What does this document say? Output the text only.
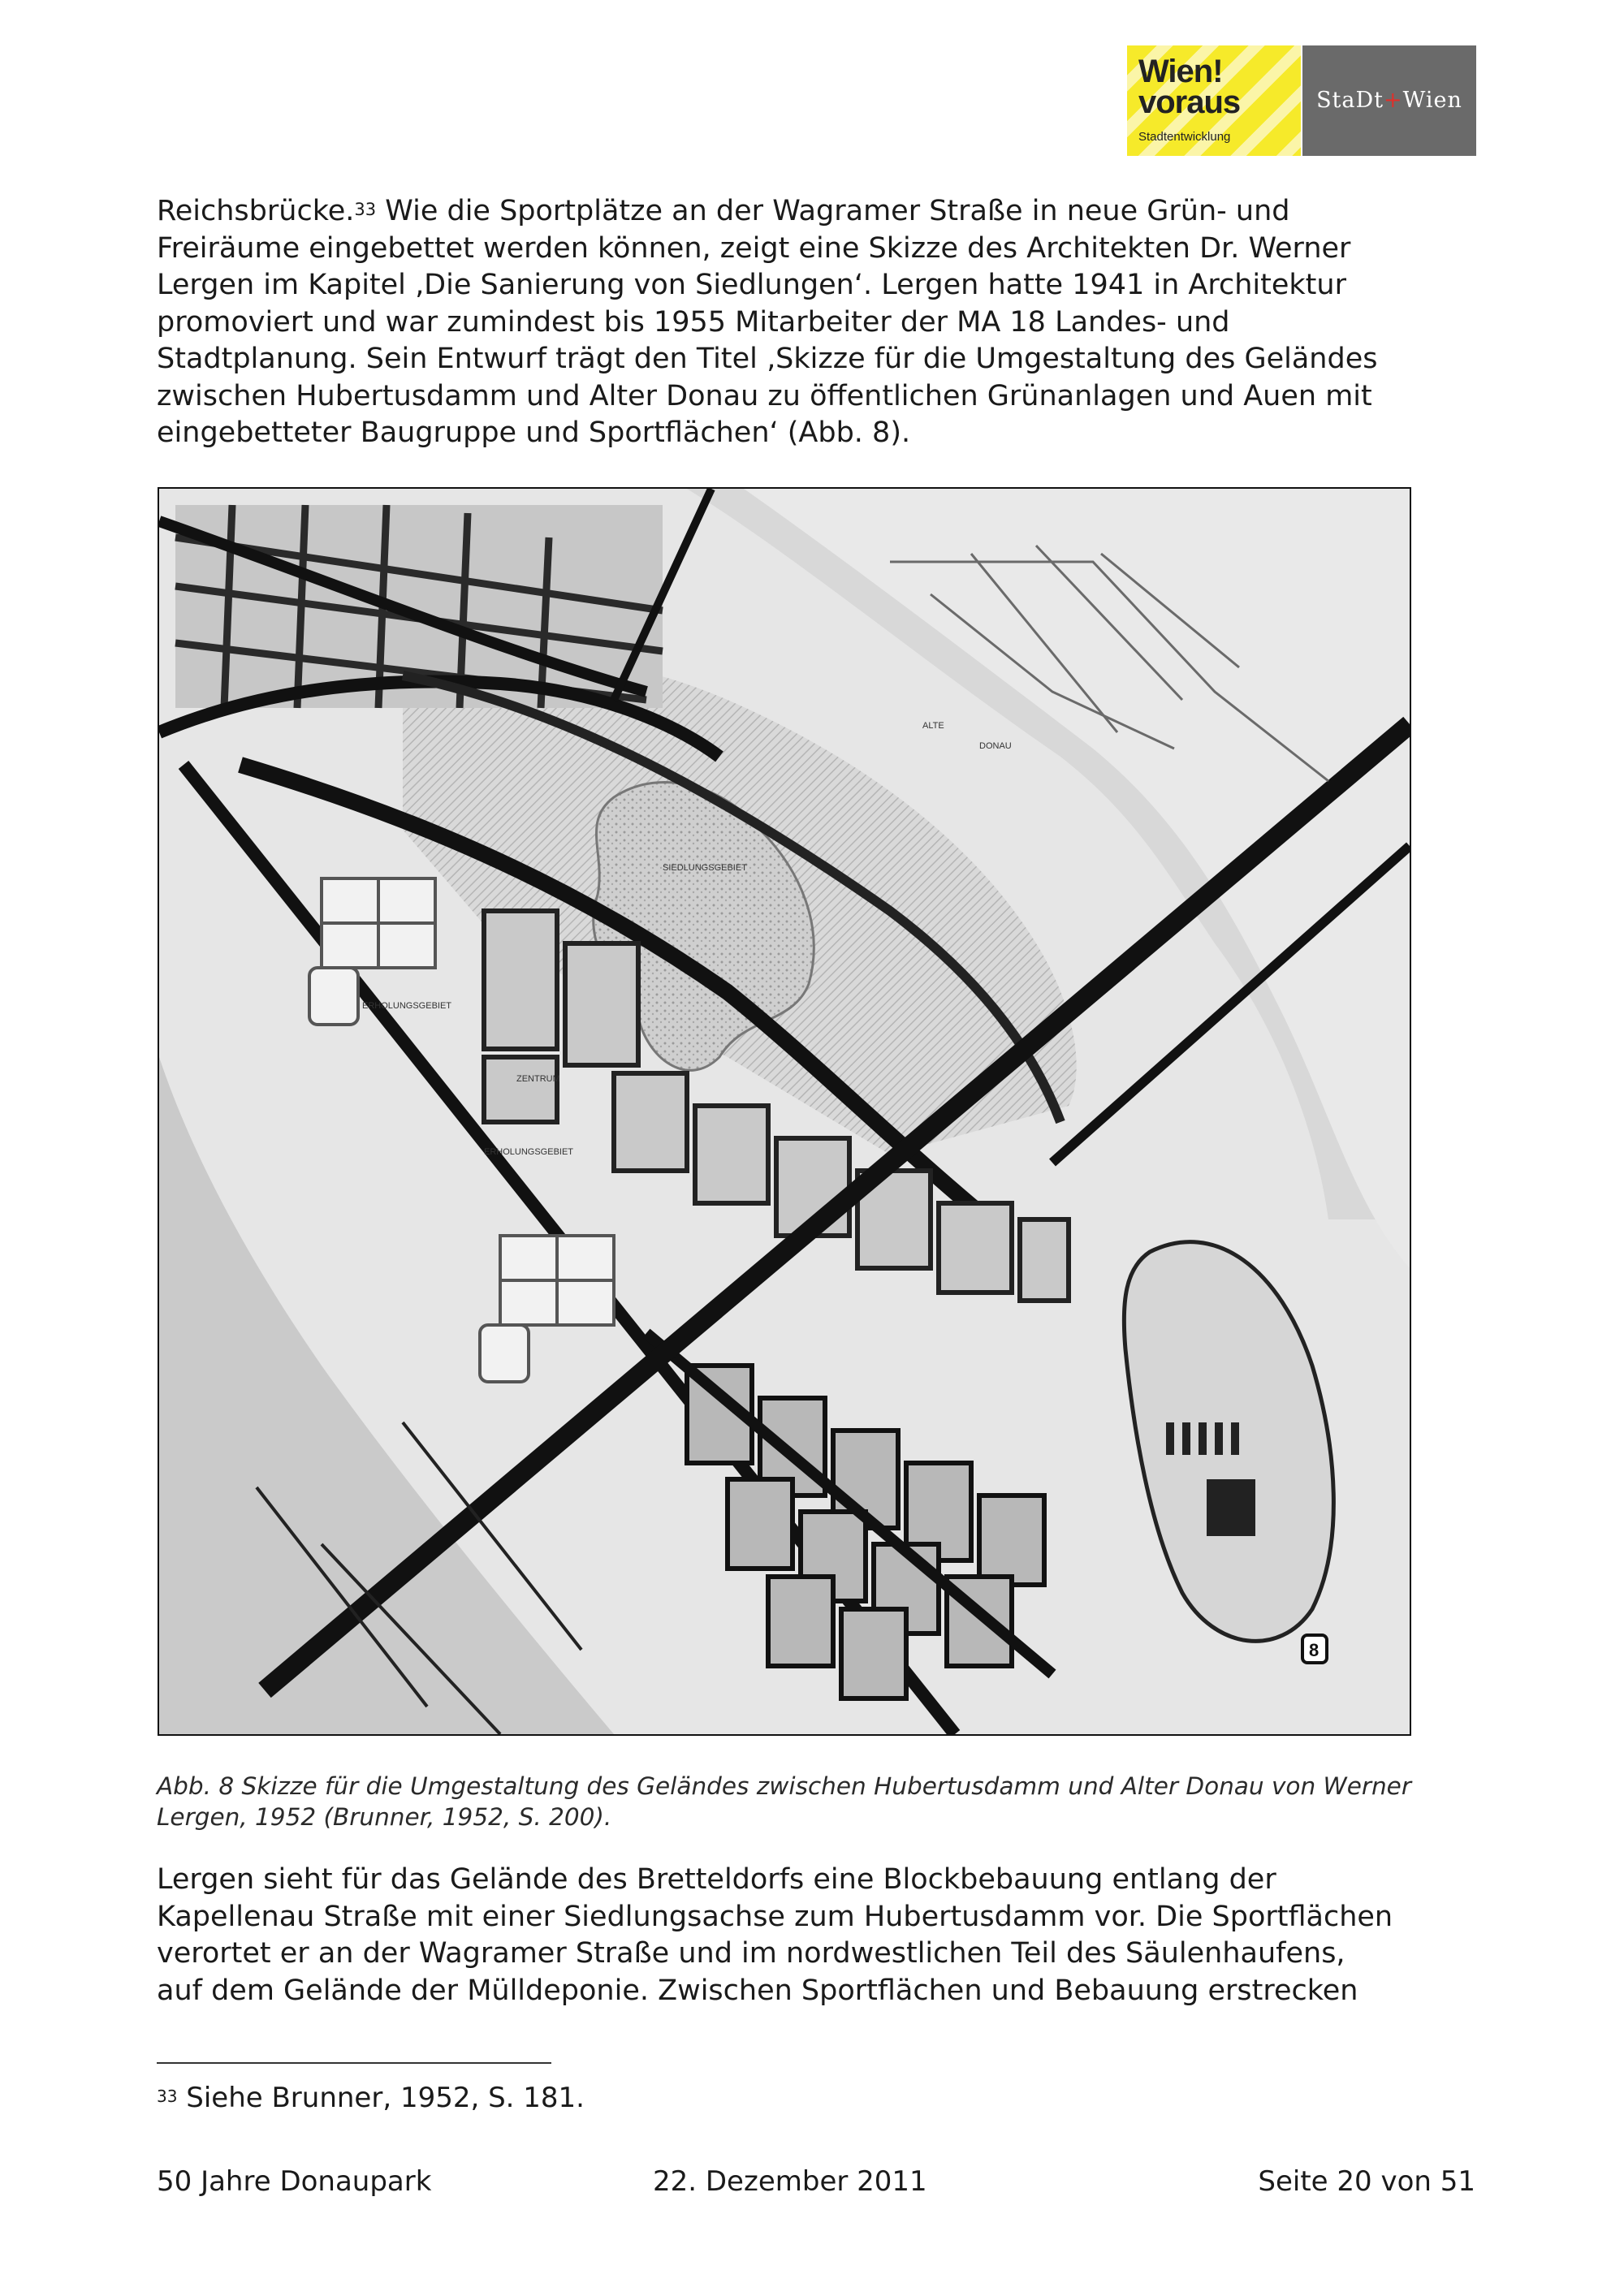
Wien!
voraus
Stadtentwicklung
StaDt+Wien
Reichsbrücke.$^{33}$ Wie die Sportplätze an der Wagramer Straße in neue Grün- und
Freiräume eingebettet werden können, zeigt eine Skizze des Architekten Dr. Werner
Lergen im Kapitel ‚Die Sanierung von Siedlungen‘. Lergen hatte 1941 in Architektur
promoviert und war zumindest bis 1955 Mitarbeiter der MA 18 Landes- und
Stadtplanung. Sein Entwurf trägt den Titel ‚Skizze für die Umgestaltung des Geländes
zwischen Hubertusdamm und Alter Donau zu öffentlichen Grünanlagen und Auen mit
eingebetteter Baugruppe und Sportflächen‘ (Abb. 8).
ALTE
DONAU
SIEDLUNGSGEBIET
ERHOLUNGSGEBIET
ERHOLUNGSGEBIET
ZENTRUM
8
Abb. 8 Skizze für die Umgestaltung des Geländes zwischen Hubertusdamm und Alter Donau von Werner
Lergen, 1952 (Brunner, 1952, S. 200).
Lergen sieht für das Gelände des Bretteldorfs eine Blockbebauung entlang der
Kapellenau Straße mit einer Siedlungsachse zum Hubertusdamm vor. Die Sportflächen
verortet er an der Wagramer Straße und im nordwestlichen Teil des Säulenhaufens,
auf dem Gelände der Mülldeponie. Zwischen Sportflächen und Bebauung erstrecken
$^{33}$ Siehe Brunner, 1952, S. 181.
50 Jahre Donaupark	22. Dezember 2011	Seite 20 von 51
